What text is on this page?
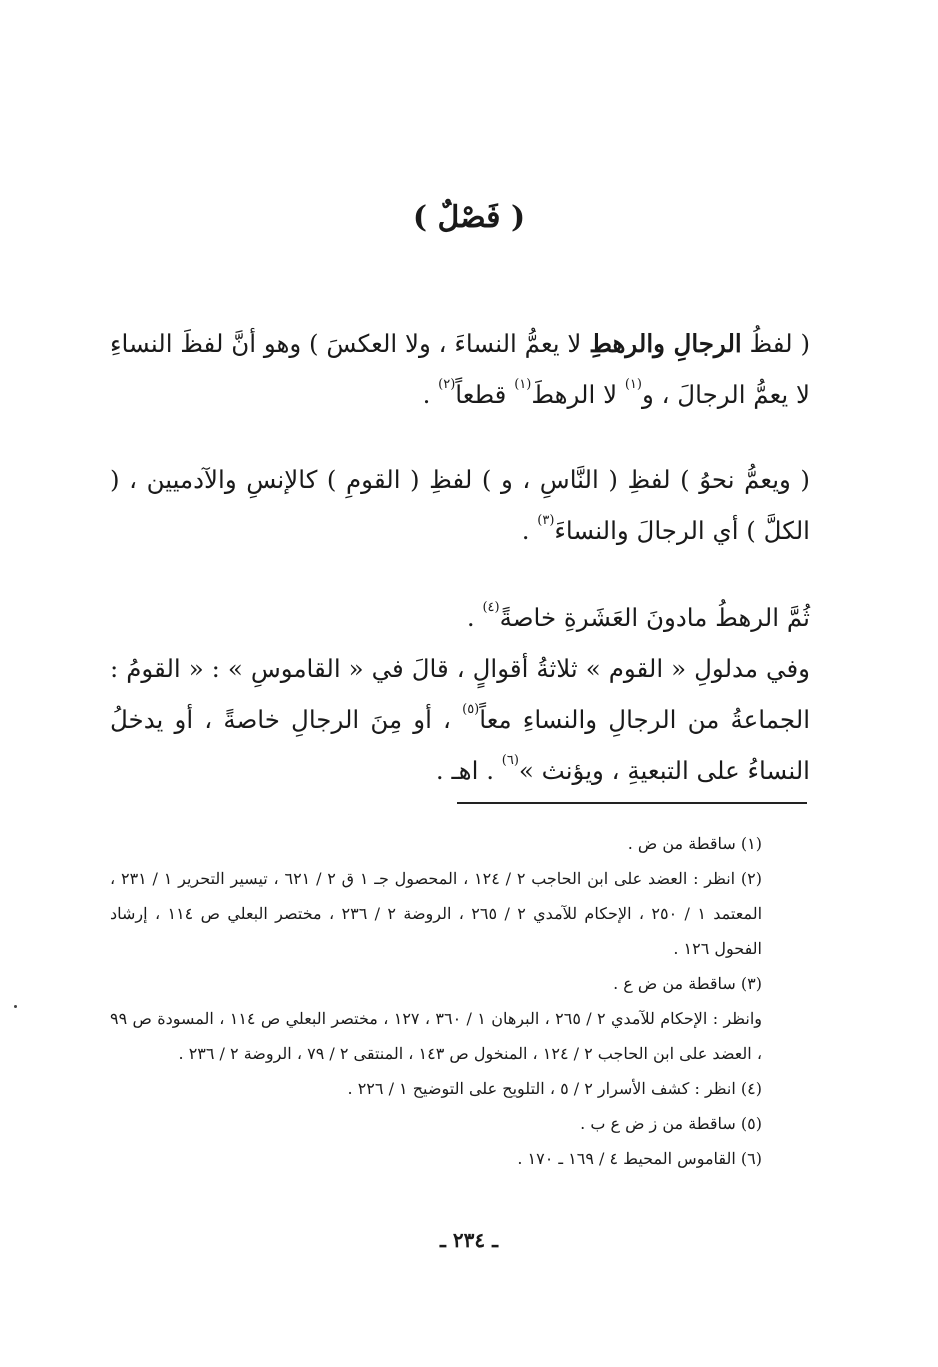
( فَصْلٌ )

( لفظُ الرجالِ والرهطِ لا يعمُّ النساءَ ، ولا العكسَ ) وهو أنَّ لفظَ النساءِ لا يعمُّ الرجالَ ، و$^{(١)}$ لا الرهطَ$^{(١)}$ قطعاً$^{(٢)}$ .

( ويعمُّ نحوُ ) لفظِ ( النَّاسِ ، و ) لفظِ ( القومِ ) كالإنسِ والآدميين ، ( الكلَّ ) أي الرجالَ والنساءَ$^{(٣)}$ .

ثُمَّ الرهطُ مادونَ العَشَرةِ خاصةً$^{(٤)}$ .

وفي مدلولِ « القوم » ثلاثةُ أقوالٍ ، قالَ في « القاموسِ » : « القومُ : الجماعةُ من الرجالِ والنساءِ معاً$^{(٥)}$ ، أو مِنَ الرجالِ خاصةً ، أو يدخلُ النساءُ على التبعيةِ ، ويؤنث »$^{(٦)}$ . اهـ .

(١) ساقطة من ض .

(٢) انظر : العضد على ابن الحاجب ٢ / ١٢٤ ، المحصول جـ ١ ق ٢ / ٦٢١ ، تيسير التحرير ١ / ٢٣١ ، المعتمد ١ / ٢٥٠ ، الإحكام للآمدي ٢ / ٢٦٥ ، الروضة ٢ / ٢٣٦ ، مختصر البعلي ص ١١٤ ، إرشاد الفحول ١٢٦ .

(٣) ساقطة من ض ع .

وانظر : الإحكام للآمدي ٢ / ٢٦٥ ، البرهان ١ / ٣٦٠ ، ١٢٧ ، مختصر البعلي ص ١١٤ ، المسودة ص ٩٩ ، العضد على ابن الحاجب ٢ / ١٢٤ ، المنخول ص ١٤٣ ، المنتقى ٢ / ٧٩ ، الروضة ٢ / ٢٣٦ .

(٤) انظر : كشف الأسرار ٢ / ٥ ، التلويح على التوضيح ١ / ٢٢٦ .

(٥) ساقطة من ز ض ع ب .

(٦) القاموس المحيط ٤ / ١٦٩ ـ ١٧٠ .

ـ ٢٣٤ ـ
